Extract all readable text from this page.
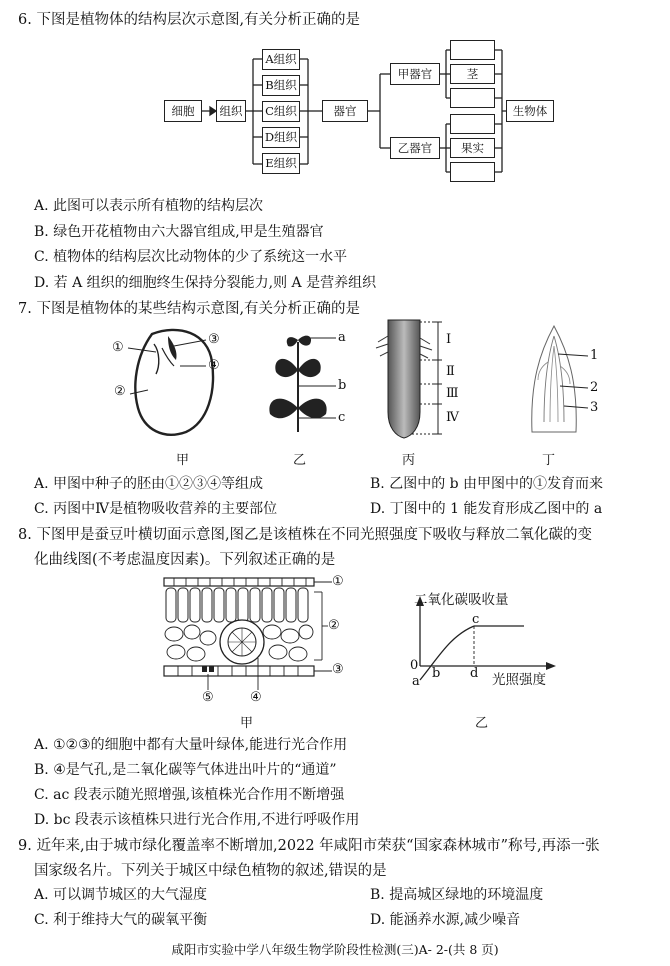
6. 下图是植物体的结构层次示意图,有关分析正确的是
细胞	组织
A组织
B组织
C组织
D组织
E组织
器官
甲器官
乙器官
茎
果实
生物体
A. 此图可以表示所有植物的结构层次
B. 绿色开花植物由六大器官组成,甲是生殖器官
C. 植物体的结构层次比动物体的少了系统这一水平
D. 若 A 组织的细胞终生保持分裂能力,则 A 是营养组织
7. 下图是植物体的某些结构示意图,有关分析正确的是
①
②
③
④
甲
a
b
c
乙
Ⅰ
Ⅱ
Ⅲ
Ⅳ
丙
1
2
3
丁
A. 甲图中种子的胚由①②③④等组成	B. 乙图中的 b 由甲图中的①发育而来
C. 丙图中Ⅳ是植物吸收营养的主要部位	D. 丁图中的 1 能发育形成乙图中的 a
8. 下图甲是蚕豆叶横切面示意图,图乙是该植株在不同光照强度下吸收与释放二氧化碳的变
化曲线图(不考虑温度因素)。下列叙述正确的是
①
②
③
④
⑤
甲
二氧化碳吸收量
光照强度
0
a
b
c
d
乙
A. ①②③的细胞中都有大量叶绿体,能进行光合作用
B. ④是气孔,是二氧化碳等气体进出叶片的“通道”
C. ac 段表示随光照增强,该植株光合作用不断增强
D. bc 段表示该植株只进行光合作用,不进行呼吸作用
9. 近年来,由于城市绿化覆盖率不断增加,2022 年咸阳市荣获“国家森林城市”称号,再添一张
国家级名片。下列关于城区中绿色植物的叙述,错误的是
A. 可以调节城区的大气湿度	B. 提高城区绿地的环境温度
C. 利于维持大气的碳氧平衡	D. 能涵养水源,减少噪音
咸阳市实验中学八年级生物学阶段性检测(三)A- 2-(共 8 页)
